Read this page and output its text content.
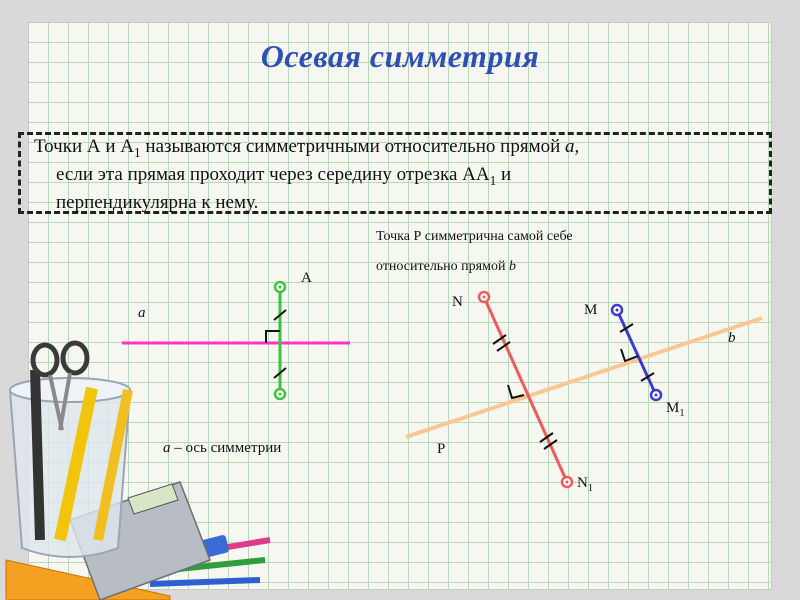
Осевая симметрия
Точки А и $А_1$ называются симметричными относительно прямой а,
если эта прямая проходит через середину отрезка $АА_1$ и
перпендикулярна к нему.
Точка Р симметрична самой себе
относительно прямой b
A
a
а – ось симметрии
N	M
b
$M_1$
P
$N_1$
